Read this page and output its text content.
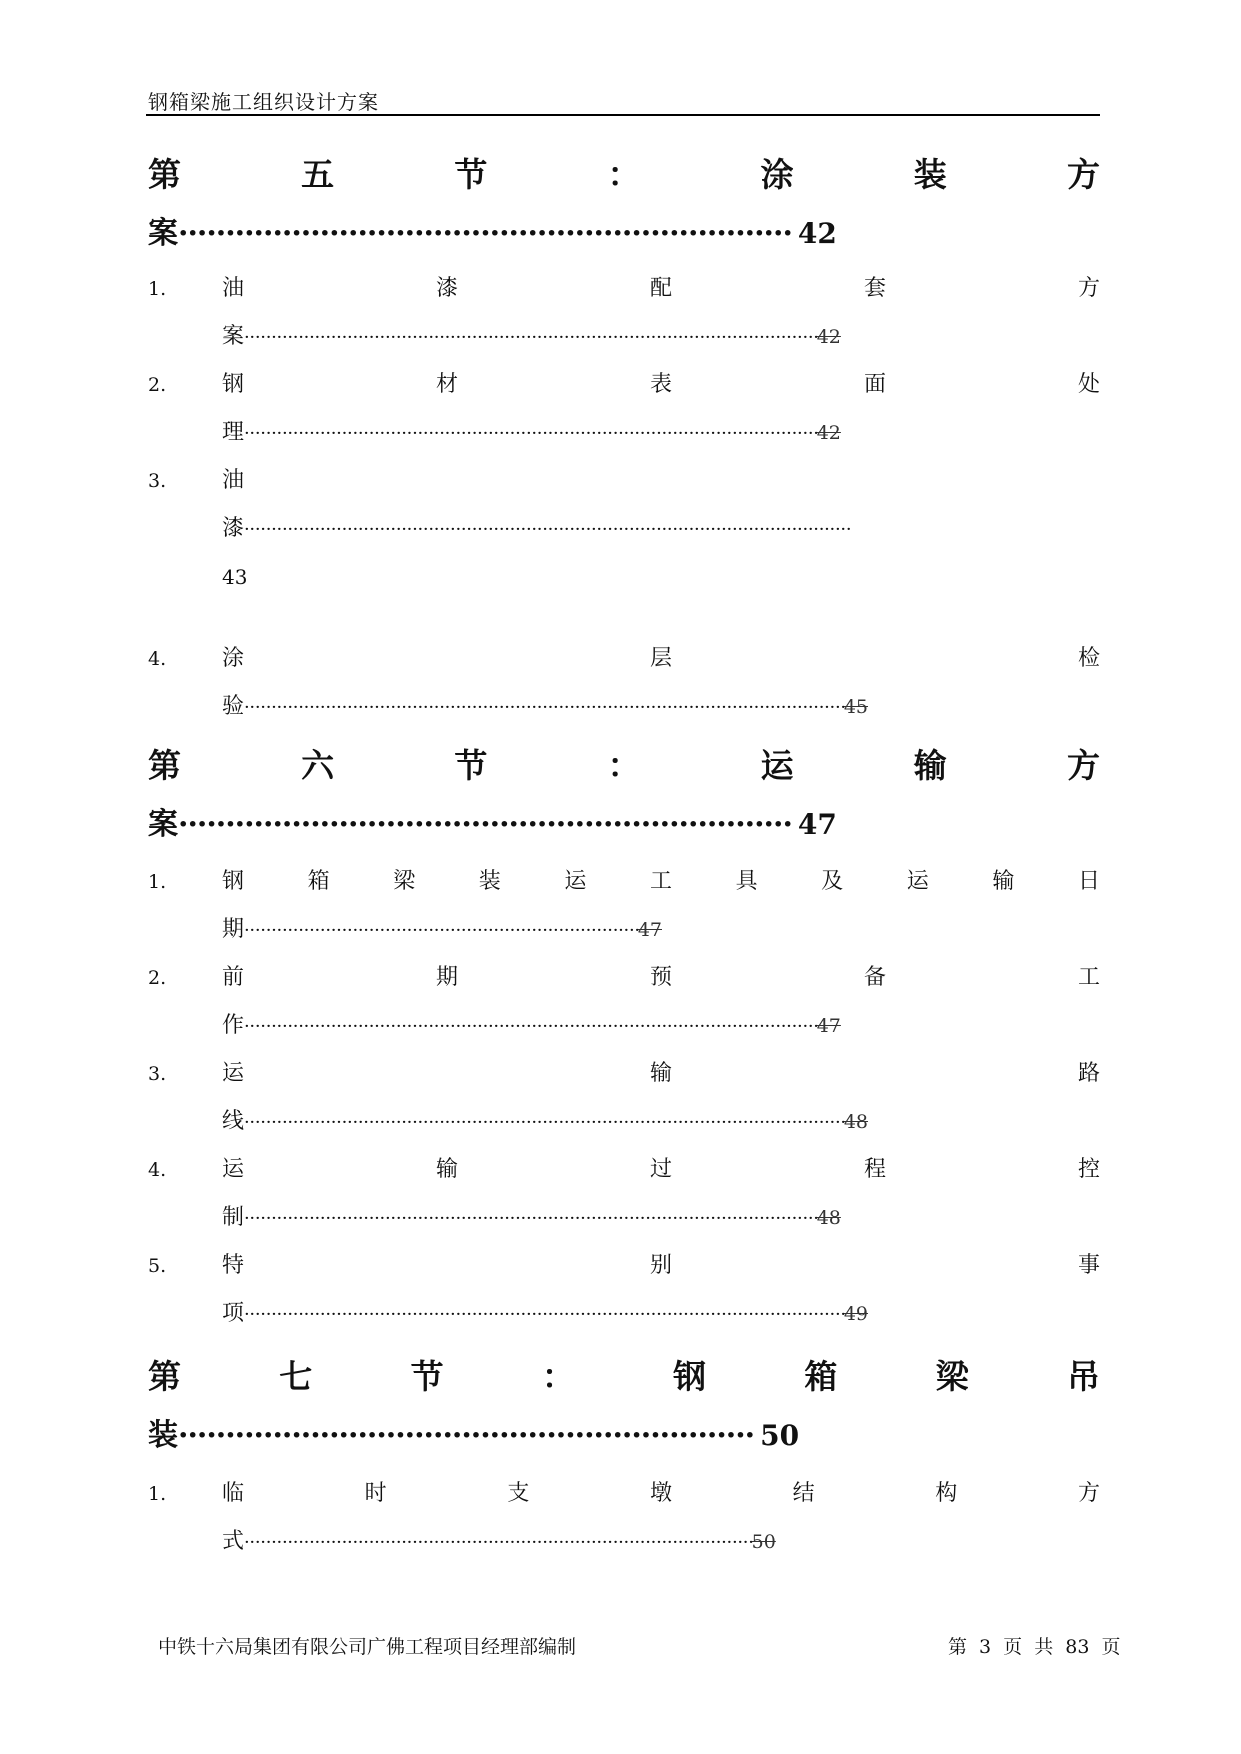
钢箱梁施工组织设计方案
第	五	节	：	涂	装	方
案································································· 42
1.	油	漆	配	套	方
案··········································································································42
2.	钢	材	表	面	处
理··········································································································42
3.	油
漆················································································································
43
4.	涂	层	检
验···············································································································45
第	六	节	：	运	输	方
案································································· 47
1.	钢	箱	梁	装	运	工	具	及	运	输	日
期·········································································47
2.	前	期	预	备	工
作··········································································································47
3.	运	输	路
线···············································································································48
4.	运	输	过	程	控
制··········································································································48
5.	特	别	事
项···············································································································49
第	七	节	：	钢	箱	梁	吊
装····························································· 50
1.	临	时	支	墩	结	构	方
式······························································································50
中铁十六局集团有限公司广佛工程项目经理部编制	第 3 页 共 83 页
